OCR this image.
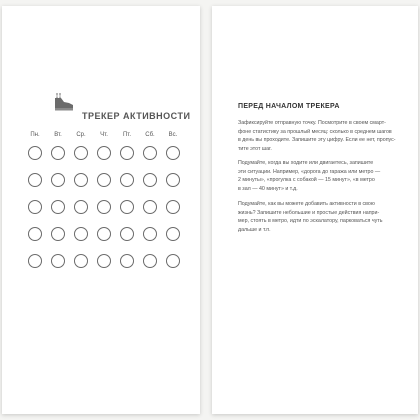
ТРЕКЕР АКТИВНОСТИ
Пн.	Вт.	Ср.	Чт.	Пт.	Сб.	Вс.
ПЕРЕД НАЧАЛОМ ТРЕКЕРА
Зафиксируйте отправную точку. Посмотрите в своем смарт-
фоне статистику за прошлый месяц: сколько в среднем шагов
в день вы проходите. Запишите эту цифру. Если ее нет, пропус-
тите этот шаг.
Подумайте, когда вы ходите или двигаетесь, запишите
эти ситуации. Например, «дорога до гаража или метро —
2 минуты», «прогулка с собакой — 15 минут», «в метро
в зал — 40 минут» и т.д.
Подумайте, как вы можете добавить активности в свою
жизнь? Запишите небольшие и простые действия напри-
мер, стоять в метро, идти по эскалатору, парковаться чуть
дальше и т.п.
